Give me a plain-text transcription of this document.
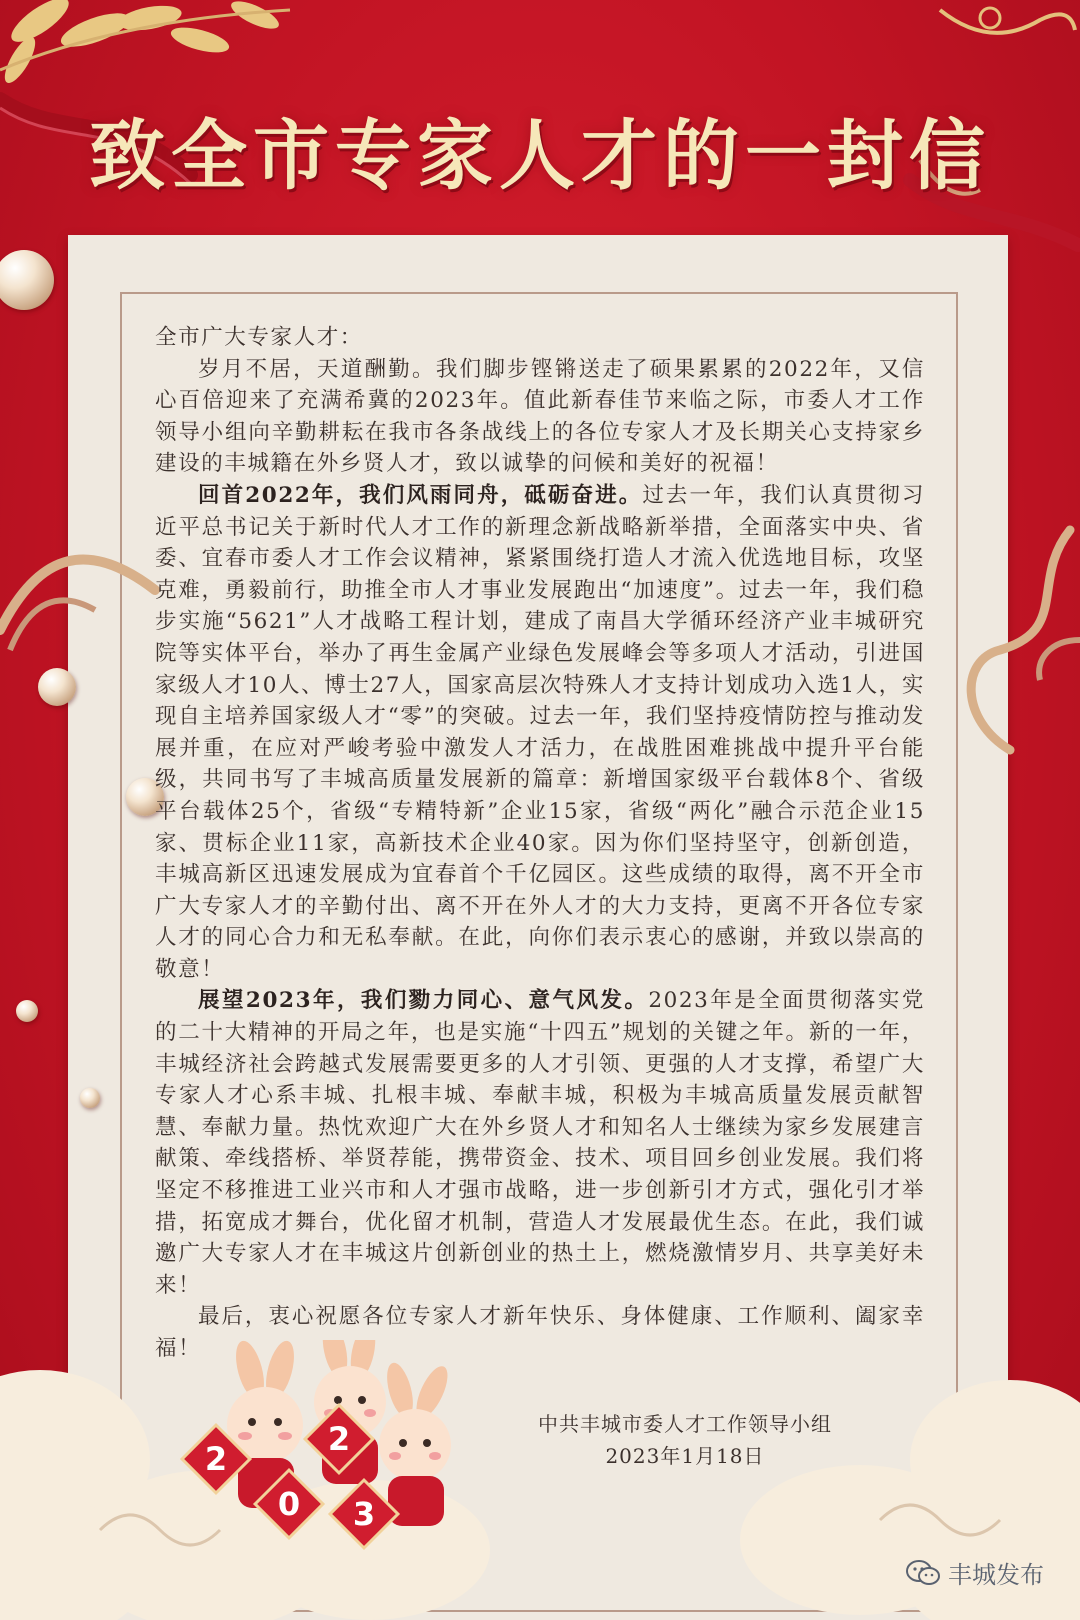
致全市专家人才的一封信

全市广大专家人才：

岁月不居，天道酬勤。我们脚步铿锵送走了硕果累累的2022年，又信心百倍迎来了充满希冀的2023年。值此新春佳节来临之际，市委人才工作领导小组向辛勤耕耘在我市各条战线上的各位专家人才及长期关心支持家乡建设的丰城籍在外乡贤人才，致以诚挚的问候和美好的祝福！

回首2022年，我们风雨同舟，砥砺奋进。过去一年，我们认真贯彻习近平总书记关于新时代人才工作的新理念新战略新举措，全面落实中央、省委、宜春市委人才工作会议精神，紧紧围绕打造人才流入优选地目标，攻坚克难，勇毅前行，助推全市人才事业发展跑出“加速度”。过去一年，我们稳步实施“5621”人才战略工程计划，建成了南昌大学循环经济产业丰城研究院等实体平台，举办了再生金属产业绿色发展峰会等多项人才活动，引进国家级人才10人、博士27人，国家高层次特殊人才支持计划成功入选1人，实现自主培养国家级人才“零”的突破。过去一年，我们坚持疫情防控与推动发展并重，在应对严峻考验中激发人才活力，在战胜困难挑战中提升平台能级，共同书写了丰城高质量发展新的篇章：新增国家级平台载体8个、省级平台载体25个，省级“专精特新”企业15家，省级“两化”融合示范企业15家、贯标企业11家，高新技术企业40家。因为你们坚持坚守，创新创造，丰城高新区迅速发展成为宜春首个千亿园区。这些成绩的取得，离不开全市广大专家人才的辛勤付出、离不开在外人才的大力支持，更离不开各位专家人才的同心合力和无私奉献。在此，向你们表示衷心的感谢，并致以崇高的敬意！

展望2023年，我们勠力同心、意气风发。2023年是全面贯彻落实党的二十大精神的开局之年，也是实施“十四五”规划的关键之年。新的一年，丰城经济社会跨越式发展需要更多的人才引领、更强的人才支撑，希望广大专家人才心系丰城、扎根丰城、奉献丰城，积极为丰城高质量发展贡献智慧、奉献力量。热忱欢迎广大在外乡贤人才和知名人士继续为家乡发展建言献策、牵线搭桥、举贤荐能，携带资金、技术、项目回乡创业发展。我们将坚定不移推进工业兴市和人才强市战略，进一步创新引才方式，强化引才举措，拓宽成才舞台，优化留才机制，营造人才发展最优生态。在此，我们诚邀广大专家人才在丰城这片创新创业的热土上，燃烧激情岁月、共享美好未来！

最后，衷心祝愿各位专家人才新年快乐、身体健康、工作顺利、阖家幸福！

中共丰城市委人才工作领导小组
2023年1月18日
2
0
2
3
丰城发布
